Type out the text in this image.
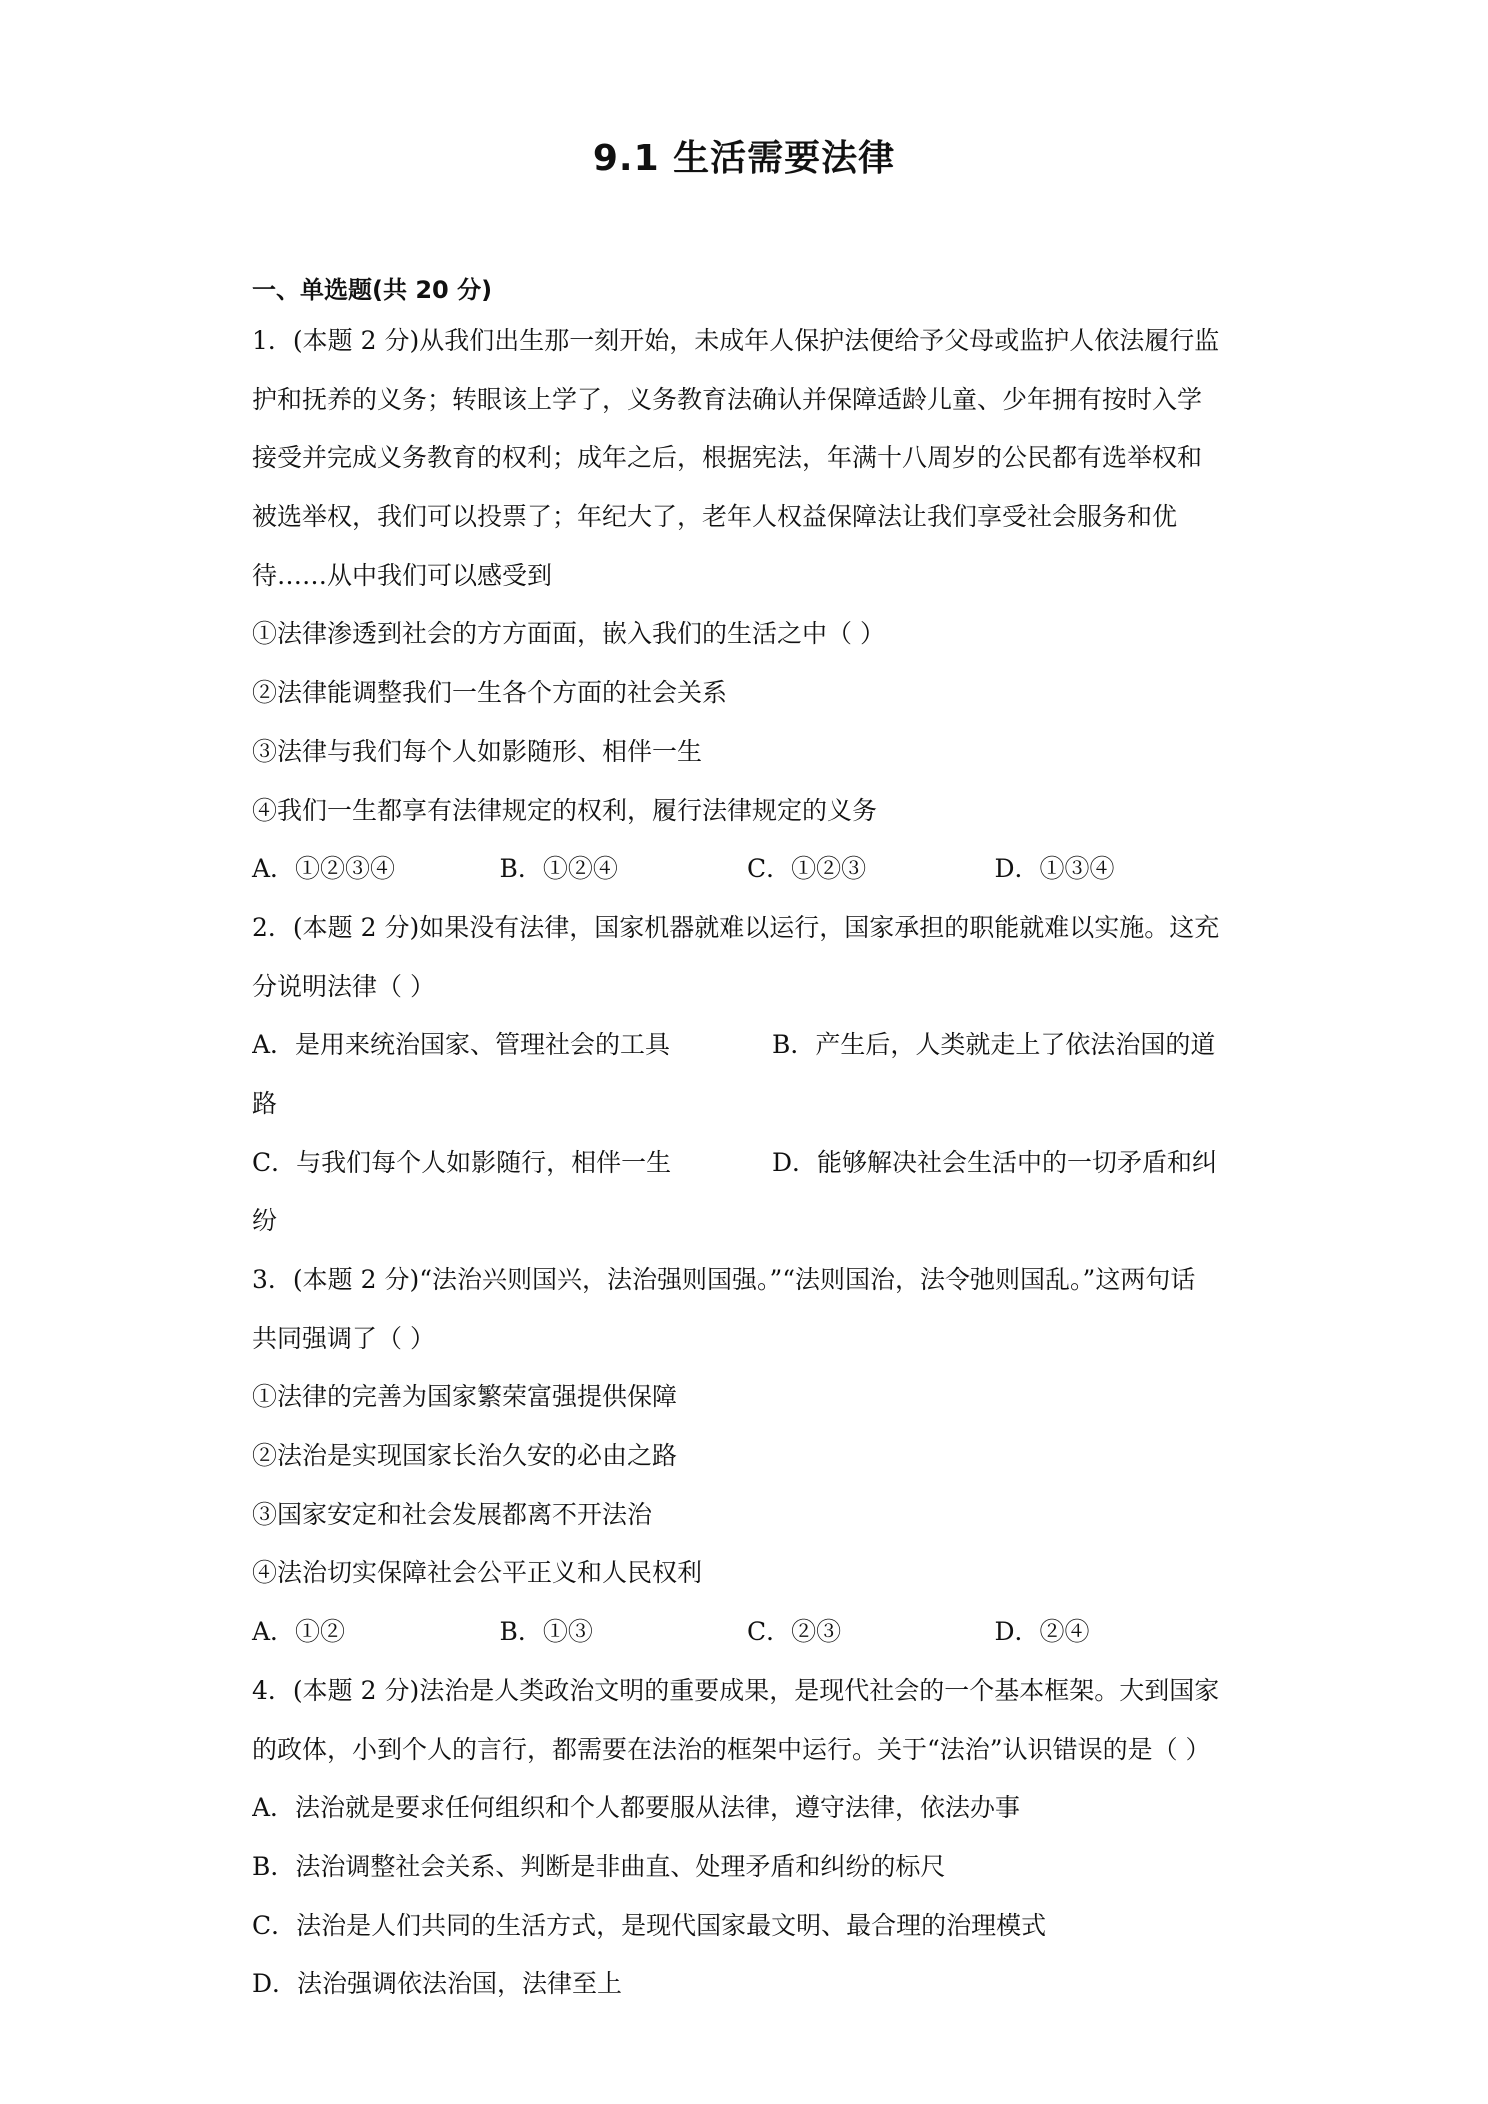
9.1 生活需要法律
一、单选题(共 20 分)
1．(本题 2 分)从我们出生那一刻开始，未成年人保护法便给予父母或监护人依法履行监
护和抚养的义务；转眼该上学了，义务教育法确认并保障适龄儿童、少年拥有按时入学
接受并完成义务教育的权利；成年之后，根据宪法，年满十八周岁的公民都有选举权和
被选举权，我们可以投票了；年纪大了，老年人权益保障法让我们享受社会服务和优
待……从中我们可以感受到
①法律渗透到社会的方方面面，嵌入我们的生活之中（ ）
②法律能调整我们一生各个方面的社会关系
③法律与我们每个人如影随形、相伴一生
④我们一生都享有法律规定的权利，履行法律规定的义务
A．①②③④	B．①②④	C．①②③	D．①③④
2．(本题 2 分)如果没有法律，国家机器就难以运行，国家承担的职能就难以实施。这充
分说明法律（ ）
A．是用来统治国家、管理社会的工具	B．产生后，人类就走上了依法治国的道
路
C．与我们每个人如影随行，相伴一生	D．能够解决社会生活中的一切矛盾和纠
纷
3．(本题 2 分)“法治兴则国兴，法治强则国强。”“法则国治，法令弛则国乱。”这两句话
共同强调了（ ）
①法律的完善为国家繁荣富强提供保障
②法治是实现国家长治久安的必由之路
③国家安定和社会发展都离不开法治
④法治切实保障社会公平正义和人民权利
A．①②	B．①③	C．②③	D．②④
4．(本题 2 分)法治是人类政治文明的重要成果，是现代社会的一个基本框架。大到国家
的政体，小到个人的言行，都需要在法治的框架中运行。关于“法治”认识错误的是（ ）
A．法治就是要求任何组织和个人都要服从法律，遵守法律，依法办事
B．法治调整社会关系、判断是非曲直、处理矛盾和纠纷的标尺
C．法治是人们共同的生活方式，是现代国家最文明、最合理的治理模式
D．法治强调依法治国，法律至上
